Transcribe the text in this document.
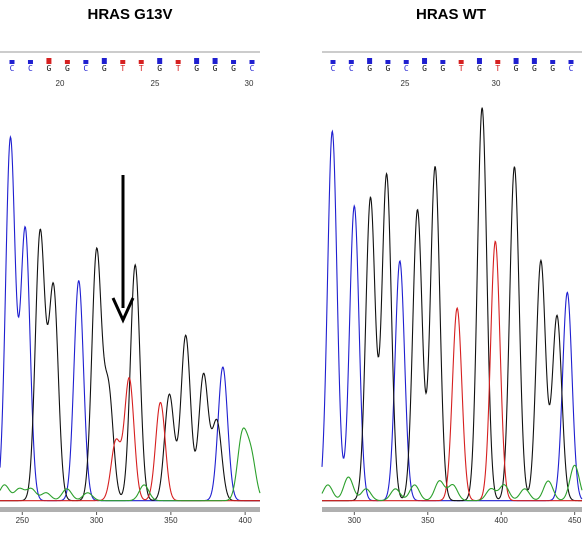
HRAS G13V	HRAS WT
C C G G C G T T G T G G G C
20	25	30
250	300	350	400
C C G G C G G T G T G G G C
25	30
300	350	400	450
